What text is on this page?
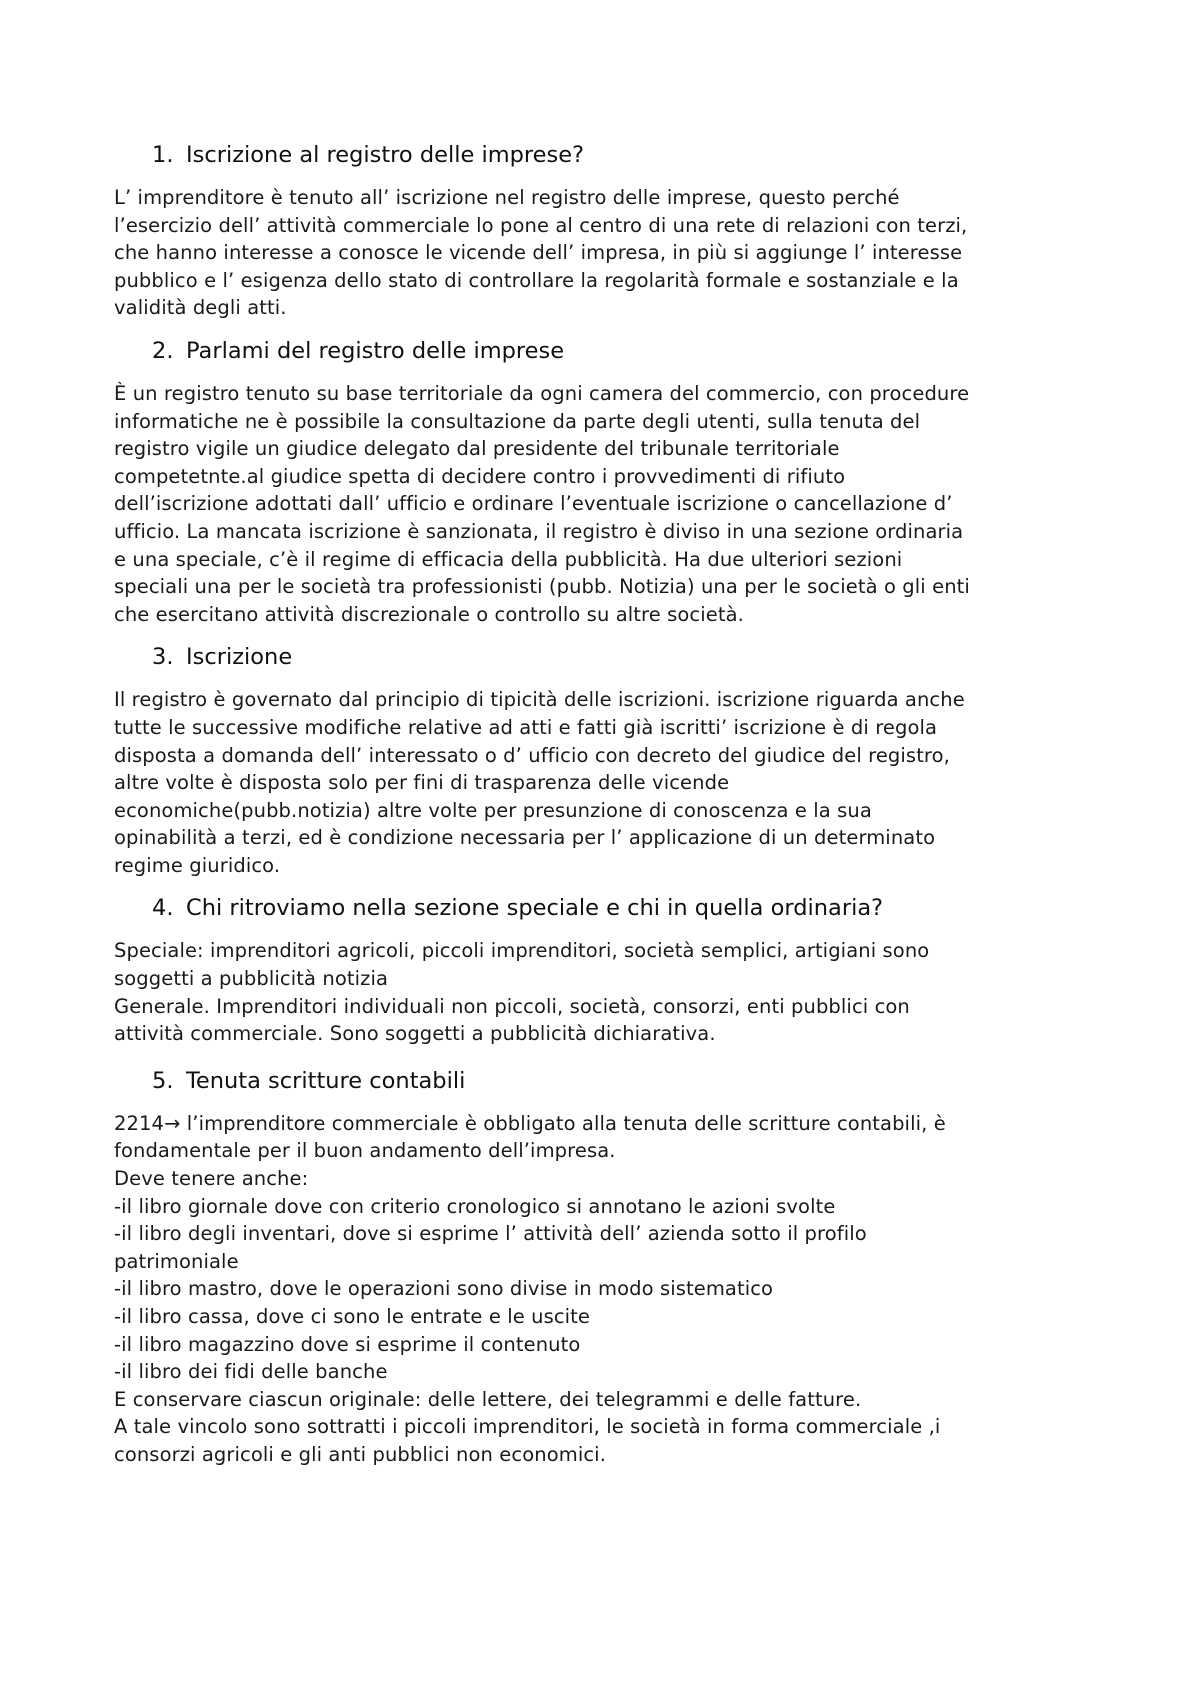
1. Iscrizione al registro delle imprese?
L’ imprenditore è tenuto all’ iscrizione nel registro delle imprese, questo perché
l’esercizio dell’ attività commerciale lo pone al centro di una rete di relazioni con terzi,
che hanno interesse a conosce le vicende dell’ impresa, in più si aggiunge l’ interesse
pubblico e l’ esigenza dello stato di controllare la regolarità formale e sostanziale e la
validità degli atti.
2. Parlami del registro delle imprese
È un registro tenuto su base territoriale da ogni camera del commercio, con procedure
informatiche ne è possibile la consultazione da parte degli utenti, sulla tenuta del
registro vigile un giudice delegato dal presidente del tribunale territoriale
competetnte.al giudice spetta di decidere contro i provvedimenti di rifiuto
dell’iscrizione adottati dall’ ufficio e ordinare l’eventuale iscrizione o cancellazione d’
ufficio. La mancata iscrizione è sanzionata, il registro è diviso in una sezione ordinaria
e una speciale, c’è il regime di efficacia della pubblicità. Ha due ulteriori sezioni
speciali una per le società tra professionisti (pubb. Notizia) una per le società o gli enti
che esercitano attività discrezionale o controllo su altre società.
3. Iscrizione
Il registro è governato dal principio di tipicità delle iscrizioni. iscrizione riguarda anche
tutte le successive modifiche relative ad atti e fatti già iscritti’ iscrizione è di regola
disposta a domanda dell’ interessato o d’ ufficio con decreto del giudice del registro,
altre volte è disposta solo per fini di trasparenza delle vicende
economiche(pubb.notizia) altre volte per presunzione di conoscenza e la sua
opinabilità a terzi, ed è condizione necessaria per l’ applicazione di un determinato
regime giuridico.
4. Chi ritroviamo nella sezione speciale e chi in quella ordinaria?
Speciale: imprenditori agricoli, piccoli imprenditori, società semplici, artigiani sono
soggetti a pubblicità notizia
Generale. Imprenditori individuali non piccoli, società, consorzi, enti pubblici con
attività commerciale. Sono soggetti a pubblicità dichiarativa.
5. Tenuta scritture contabili
2214→ l’imprenditore commerciale è obbligato alla tenuta delle scritture contabili, è
fondamentale per il buon andamento dell’impresa.
Deve tenere anche:
-il libro giornale dove con criterio cronologico si annotano le azioni svolte
-il libro degli inventari, dove si esprime l’ attività dell’ azienda sotto il profilo
patrimoniale
-il libro mastro, dove le operazioni sono divise in modo sistematico
-il libro cassa, dove ci sono le entrate e le uscite
-il libro magazzino dove si esprime il contenuto
-il libro dei fidi delle banche
E conservare ciascun originale: delle lettere, dei telegrammi e delle fatture.
A tale vincolo sono sottratti i piccoli imprenditori, le società in forma commerciale ,i
consorzi agricoli e gli anti pubblici non economici.
